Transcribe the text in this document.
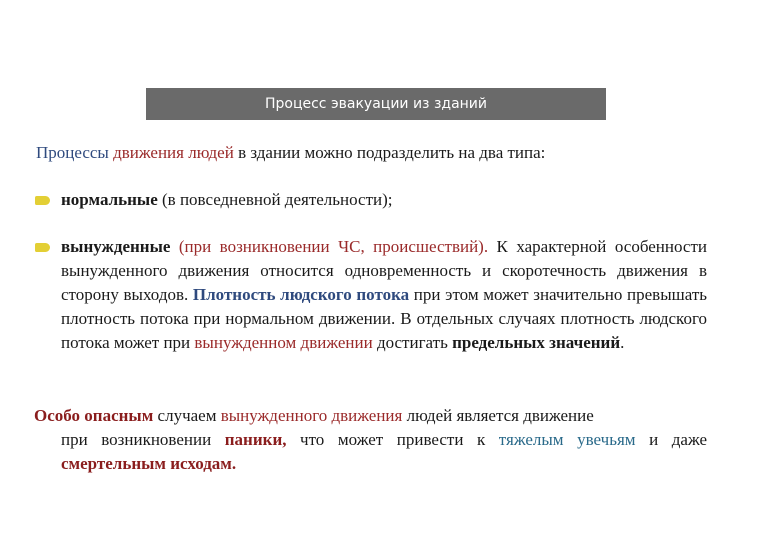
Процесс эвакуации из зданий
Процессы движения людей в здании можно подразделить на два типа:
нормальные (в повседневной деятельности);
вынужденные (при возникновении ЧС, происшествий). К характерной особенности вынужденного движения относится одновременность и скоротечность движения в сторону выходов. Плотность людского потока при этом может значительно превышать плотность потока при нормальном движении. В отдельных случаях плотность людского потока может при вынужденном движении достигать предельных значений.
Особо опасным случаем вынужденного движения людей является движение
при возникновении паники, что может привести к тяжелым увечьям и даже смертельным исходам.
